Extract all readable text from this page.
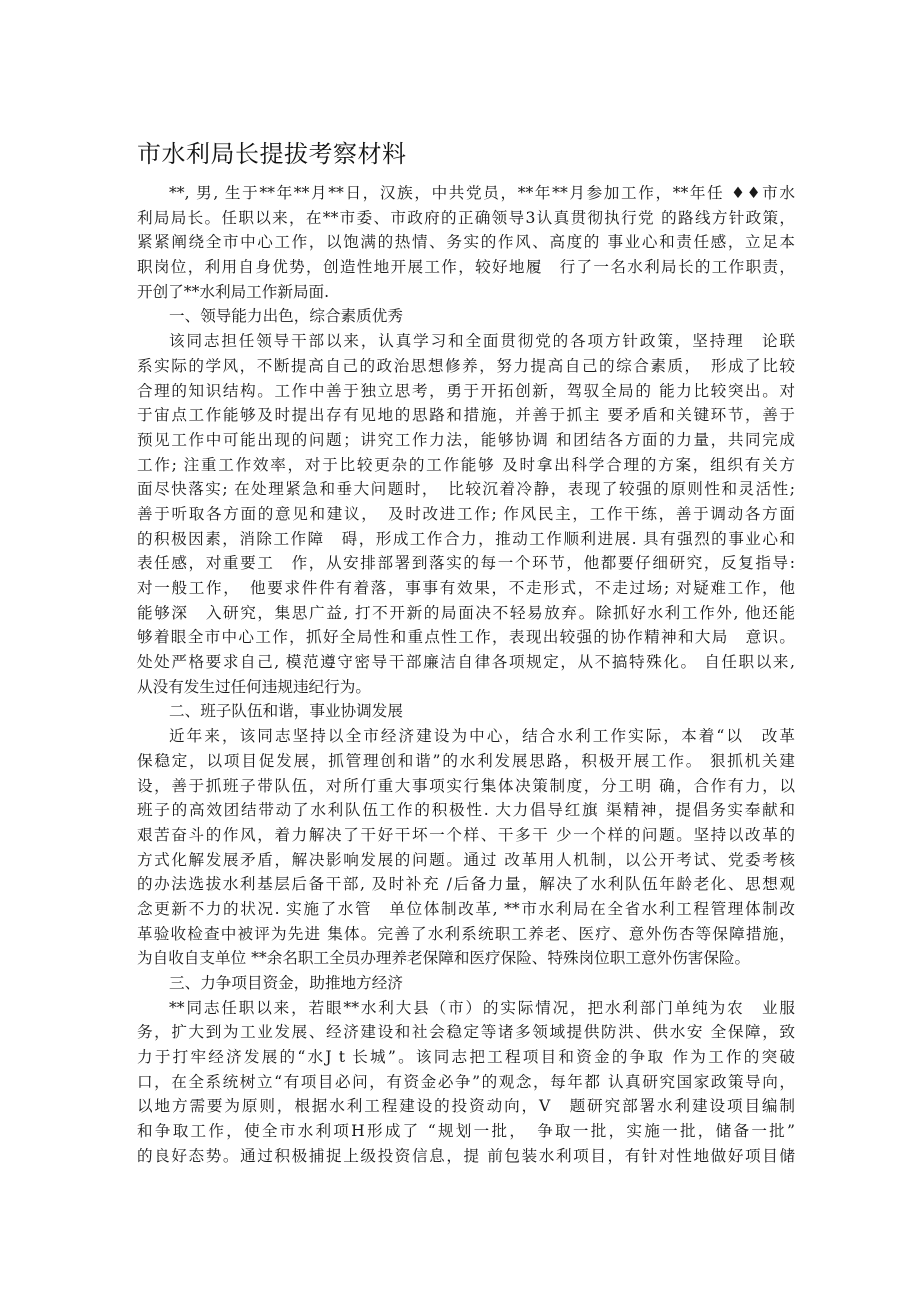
市水利局长提拔考察材料
**, 男, 生于**年**月**日，汉族，中共党员，**年**月参加工作，**年任 ♦♦市水
利局局长。任职以来，在**市委、市政府的正确领导3认真贯彻执行党 的路线方针政策，
紧紧阐绕全市中心工作，以饱满的热情、务实的作风、高度的 事业心和责任感，立足本
职岗位，利用自身优势，创造性地开展工作，较好地履　行了一名水利局长的工作职责，
开创了**水利局工作新局面.
一、领导能力出色，综合素质优秀
该同志担任领导干部以来，认真学习和全面贯彻党的各项方针政策，坚持理　论联
系实际的学风，不断提高自己的政治思想修养，努力提高自己的综合素质，　形成了比较
合理的知识结构。工作中善于独立思考，勇于开拓创新，驾驭全局的 能力比较突出。对
于宙点工作能够及时提出存有见地的思路和措施，并善于抓主 要矛盾和关键环节，善于
预见工作中可能出现的问题；讲究工作力法，能够协调 和团结各方面的力量，共同完成
工作; 注重工作效率，对于比较更杂的工作能够 及时拿出科学合理的方案，组织有关方
面尽快落实; 在处理紧急和垂大问题时，　比较沉着冷静，表现了较强的原则性和灵活性;
善于听取各方面的意见和建议，　及时改进工作; 作风民主，工作干练，善于调动各方面
的积极因素，消除工作障　碍，形成工作合力，推动工作顺利进展. 具有强烈的事业心和
表任感，对重要工　作，从安排部署到落实的每一个环节，他都要仔细研究，反复指导:
对一般工作，　他要求件件有着落，事事有效果，不走形式，不走过场; 对疑难工作，他
能够深　入研究，集思广益, 打不开新的局面决不轻易放弃。除抓好水利工作外, 他还能
够着眼全市中心工作，抓好全局性和重点性工作，表现出较强的协作精神和大局　意识。
处处严格要求自己, 模范遵守密导干部廉洁自律各项规定，从不搞特殊化。 自任职以来,
从没有发生过任何违规违纪行为。
二、班子队伍和谐，事业协调发展
近年来，该同志坚持以全市经济建设为中心，结合水利工作实际，本着“以　改革
保稳定，以项目促发展，抓管理创和谐”的水利发展思路，积极开展工作。 狠抓机关建
设，善于抓班子带队伍，对所仃重大事项实行集体决策制度，分工明 确，合作有力，以
班子的高效团结带动了水利队伍工作的积极性. 大力倡导红旗 渠精神，提倡务实奉献和
艰苦奋斗的作风，着力解决了干好干坏一个样、干多干 少一个样的问题。坚持以改革的
方式化解发展矛盾，解决影响发展的问题。通过 改革用人机制，以公开考试、党委考核
的办法选拔水利基层后备干部, 及时补充 /后备力量，解决了水利队伍年龄老化、思想观
念更新不力的状况. 实施了水管　单位体制改革, **市水利局在全省水利工程管理体制改
革验收检查中被评为先进 集体。完善了水利系统职工养老、医疗、意外伤杏等保障措施，
为自收自支单位 **余名职工全员办理养老保障和医疗保险、特殊岗位职工意外伤害保险。
三、力争项目资金，助推地方经济
**同志任职以来，若眼**水利大县（市）的实际情况，把水利部门单纯为农　业服
务，扩大到为工业发展、经济建设和社会稳定等诸多领域提供防洪、供水安 全保障，致
力于打牢经济发展的“水J t 长城”。该同志把工程项目和资金的争取 作为工作的突破
口，在全系统树立“有项目必问，有资金必争”的观念，每年都 认真研究国家政策导向，
以地方需要为原则，根据水利工程建设的投资动向，V　题研究部署水利建设项目编制
和争取工作，使全市水利项H形成了 “规划一批，　争取一批，实施一批，储备一批”
的良好态势。通过积极捕捉上级投资信息，提 前包装水利项目，有针对性地做好项目储
